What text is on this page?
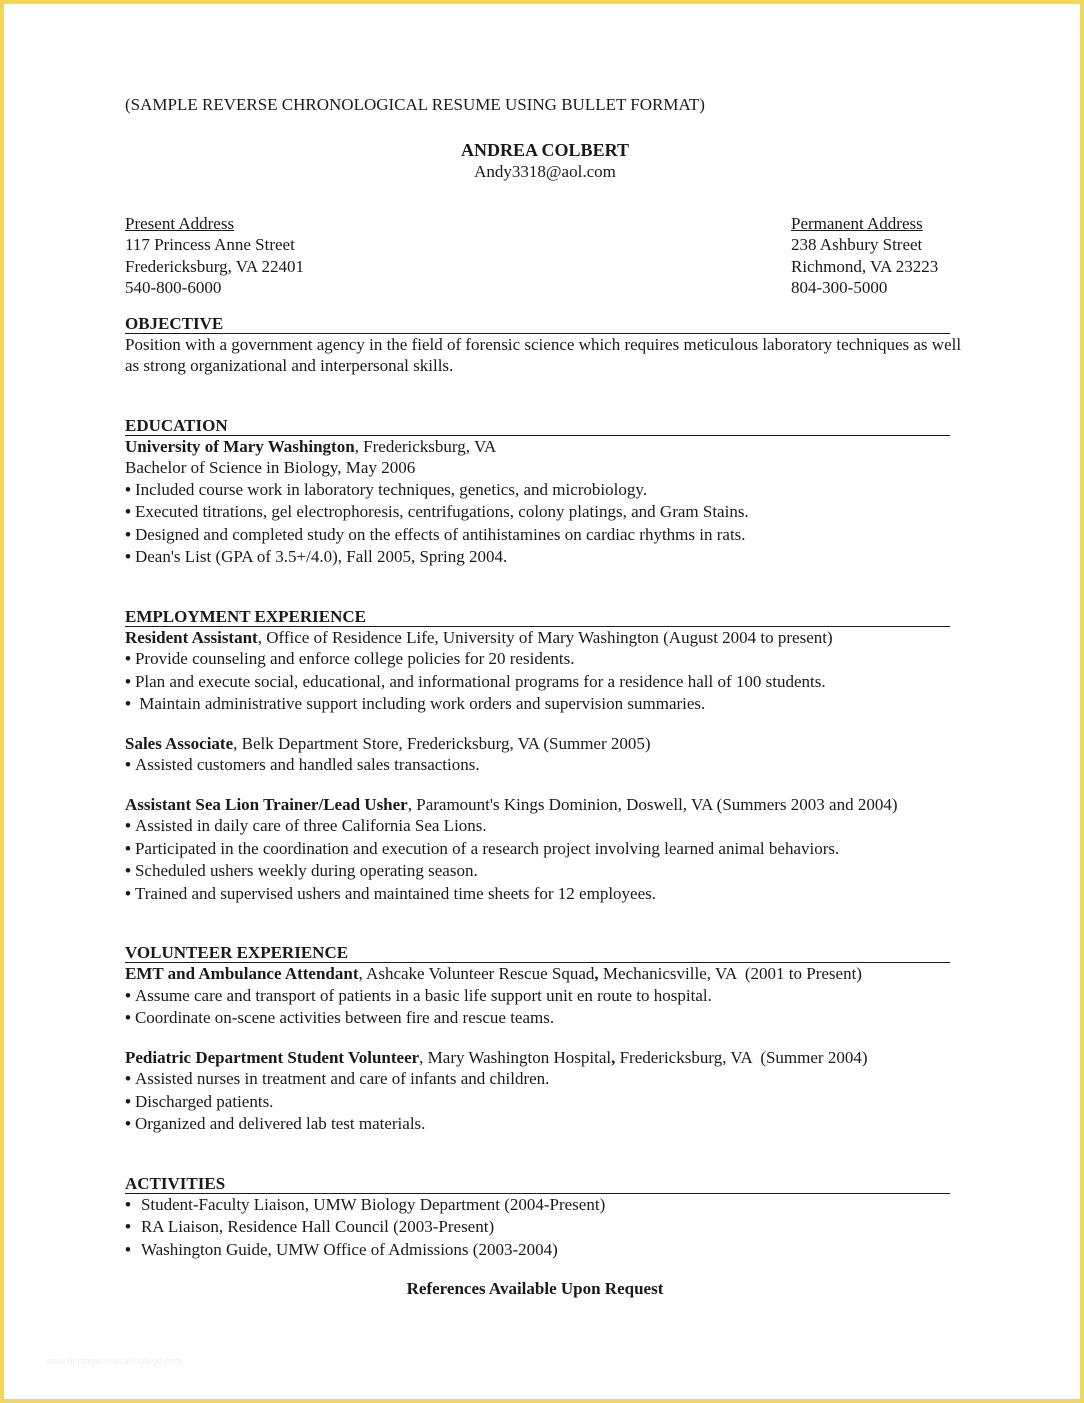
(SAMPLE REVERSE CHRONOLOGICAL RESUME USING BULLET FORMAT)
ANDREA COLBERT
Andy3318@aol.com
Present Address
117 Princess Anne Street
Fredericksburg, VA 22401
540-800-6000
Permanent Address
238 Ashbury Street
Richmond, VA 23223
804-300-5000
OBJECTIVE
Position with a government agency in the field of forensic science which requires meticulous laboratory techniques as well as strong organizational and interpersonal skills.
EDUCATION
University of Mary Washington, Fredericksburg, VA
Bachelor of Science in Biology, May 2006
• Included course work in laboratory techniques, genetics, and microbiology.
• Executed titrations, gel electrophoresis, centrifugations, colony platings, and Gram Stains.
• Designed and completed study on the effects of antihistamines on cardiac rhythms in rats.
• Dean's List (GPA of 3.5+/4.0), Fall 2005, Spring 2004.
EMPLOYMENT EXPERIENCE
Resident Assistant, Office of Residence Life, University of Mary Washington (August 2004 to present)
• Provide counseling and enforce college policies for 20 residents.
• Plan and execute social, educational, and informational programs for a residence hall of 100 students.
• Maintain administrative support including work orders and supervision summaries.
Sales Associate, Belk Department Store, Fredericksburg, VA (Summer 2005)
• Assisted customers and handled sales transactions.
Assistant Sea Lion Trainer/Lead Usher, Paramount's Kings Dominion, Doswell, VA (Summers 2003 and 2004)
• Assisted in daily care of three California Sea Lions.
• Participated in the coordination and execution of a research project involving learned animal behaviors.
• Scheduled ushers weekly during operating season.
• Trained and supervised ushers and maintained time sheets for 12 employees.
VOLUNTEER EXPERIENCE
EMT and Ambulance Attendant, Ashcake Volunteer Rescue Squad, Mechanicsville, VA  (2001 to Present)
• Assume care and transport of patients in a basic life support unit en route to hospital.
• Coordinate on-scene activities between fire and rescue teams.
Pediatric Department Student Volunteer, Mary Washington Hospital, Fredericksburg, VA  (Summer 2004)
• Assisted nurses in treatment and care of infants and children.
• Discharged patients.
• Organized and delivered lab test materials.
ACTIVITIES
• Student-Faculty Liaison, UMW Biology Department (2004-Present)
• RA Liaison, Residence Hall Council (2003-Present)
• Washington Guide, UMW Office of Admissions (2003-2004)
References Available Upon Request
www.heritagechristiancollege.com
